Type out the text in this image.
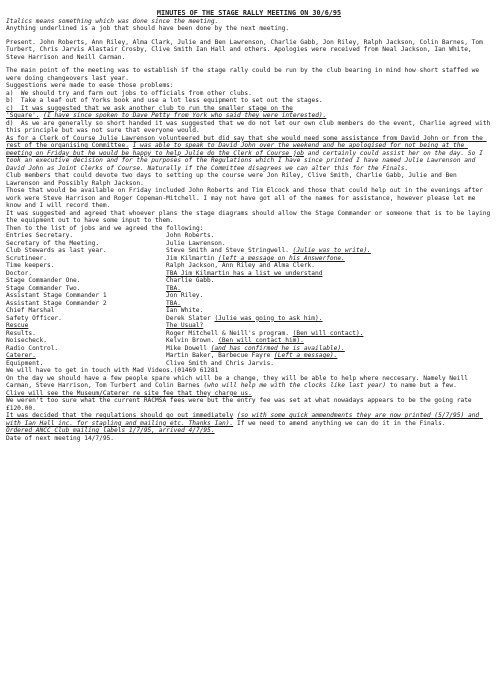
MINUTES OF THE STAGE RALLY MEETING ON 30/6/95
Italics means something which was done since the meeting.
Anything underlined is a job that should have been done by the next meeting.
Present. John Roberts, Ann Riley, Alma Clark, Julie and Ben Lawrenson, Charlie Gabb, Jon Riley, Ralph Jackson, Colin Barnes, Tom Turbert, Chris Jarvis Alastair Crosby, Clive Smith Ian Hall and others. Apologies were received from Neal Jackson, Ian White, Steve Harrison and Neill Carman.
The main point of the meeting was to establish if the stage rally could be run by the club bearing in mind how short staffed we were doing changeovers last year.
Suggestions were made to ease those problems:
a)  We should try and farm out jobs to officials from other clubs.
b)  Take a leaf out of Yorks book and use a lot less equipment to set out the stages.
c)  It was suggested that we ask another club to run the smaller stage on the
'Square'. (I have since spoken to Dave Petty from York who said they were interested).
d)  As we are generally so short handed it was suggested that we do not let our own club members do the event, Charlie agreed with this principle but was not sure that everyone would.
As for a Clerk of Course Julie Lawrenson volunteered but did say that she would need some assistance from David John or from the rest of the organising Committee. I was able to speak to David John over the weekend and he apologised for not being at the meeting on Friday but he would be happy to help Julie do the Clerk of Course job and certainly could assist her on the day. So I took an executive decision and for the purposes of the Regulations which I have since printed I have named Julie Lawrenson and David John as Joint Clerks of Course. Naturally if the Committee disagrees we can alter this for the Finals.
Club members that could devote two days to setting up the course were Jon Riley, Clive Smith, Charlie Gabb, Julie and Ben Lawrenson and Possibly Ralph Jackson.
Those that would be available on Friday included John Roberts and Tim Elcock and those that could help out in the evenings after work were Steve Harrison and Roger Copeman-Mitchell. I may not have got all of the names for assistance, however please let me know and I will record them.
It was suggested and agreed that whoever plans the stage diagrams should allow the Stage Commander or someone that is to be laying the equipment out to have some input to them.
Then to the list of jobs and we agreed the following:
Entries Secretary.	John Roberts.
Secretary of the Meeting.	Julie Lawrenson.
Club Stewards as last year.	Steve Smith and Steve Stringwell. (Julie was to write).
Scrutineer.	Jim Kilmartin (left a message on his Answerfone.
Time keepers.	Ralph Jackson, Ann Riley and Alma Clerk.
Doctor.	TBA Jim Kilmartin has a list we understand
Stage Commander One.	Charlie Gabb.
Stage Commander Two.	TBA.
Assistant Stage Commander 1	Jon Riley.
Assistant Stage Commander 2	TBA.
Chief Marshal	Ian White.
Safety Officer.	Derek Slater (Julie was going to ask him).
Rescue	The Usual?
Results.	Roger Mitchell & Neill's program. (Ben will contact).
Noisecheck.	Kelvin Brown. (Ben will contact him).
Radio Control.	Mike Dowell (and has confirmed he is available).
Caterer.	Martin Baker, Barbecue Fayre (Left a message).
Equipment.	Clive Smith and Chris Jarvis.
We will have to get in touch with Mad Videos.(01469 61281
On the day we should have a few people spare which will be a change, they will be able to help where neccesary. Namely Neill Carman, Steve Harrison, Tom Turbert and Colin Barnes (who will help me with the clocks like last year) to name but a few.
Clive will see the Museum/Caterer re site fee that they charge us.
We weren't too sure what the current RACMSA fees were but the entry fee was set at what nowadays appears to be the going rate £120.00.
It was decided that the regulations should go out immediately (so with some quick ammendments they are now printed (5/7/95) and with Ian Hall inc. for stapling and mailing etc. Thanks Ian). If we need to amend anything we can do it in the Finals.
Ordered ANCC Club mailing labels 1/7/95, arrived 4/7/95.
Date of next meeting 14/7/95.
